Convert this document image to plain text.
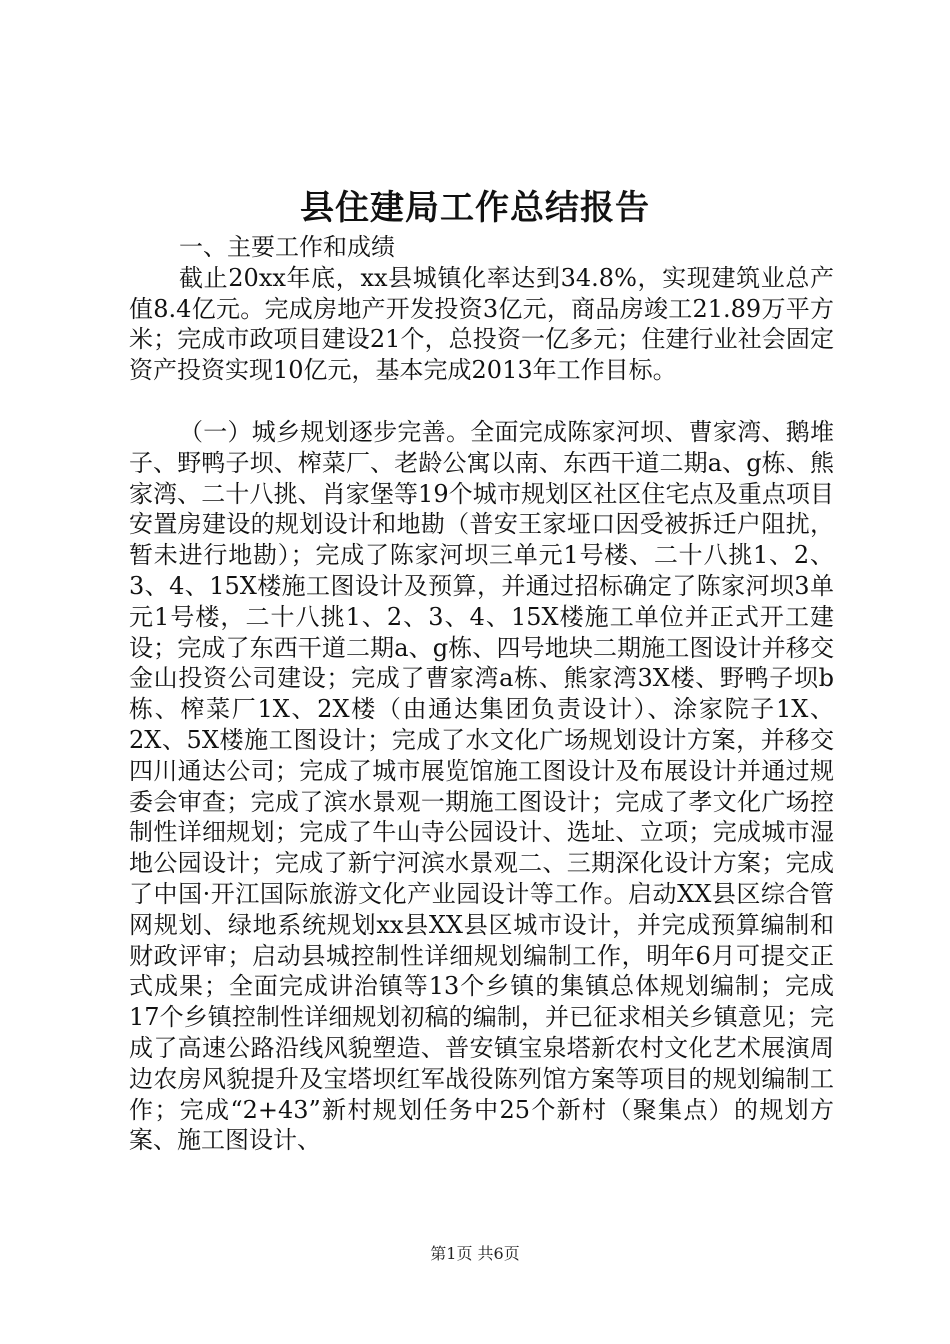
县住建局工作总结报告

一、主要工作和成绩

截止20xx年底，xx县城镇化率达到34.8%，实现建筑业总产值8.4亿元。完成房地产开发投资3亿元，商品房竣工21.89万平方米；完成市政项目建设21个，总投资一亿多元；住建行业社会固定资产投资实现10亿元，基本完成2013年工作目标。

（一）城乡规划逐步完善。全面完成陈家河坝、曹家湾、鹅堆子、野鸭子坝、榨菜厂、老龄公寓以南、东西干道二期a、g栋、熊家湾、二十八挑、肖家堡等19个城市规划区社区住宅点及重点项目安置房建设的规划设计和地勘（普安王家垭口因受被拆迁户阻扰，暂未进行地勘）；完成了陈家河坝三单元1号楼、二十八挑1、2、3、4、15X楼施工图设计及预算，并通过招标确定了陈家河坝3单元1号楼，二十八挑1、2、3、4、15X楼施工单位并正式开工建设；完成了东西干道二期a、g栋、四号地块二期施工图设计并移交金山投资公司建设；完成了曹家湾a栋、熊家湾3X楼、野鸭子坝b栋、榨菜厂1X、2X楼（由通达集团负责设计）、涂家院子1X、2X、5X楼施工图设计；完成了水文化广场规划设计方案，并移交四川通达公司；完成了城市展览馆施工图设计及布展设计并通过规委会审查；完成了滨水景观一期施工图设计；完成了孝文化广场控制性详细规划；完成了牛山寺公园设计、选址、立项；完成城市湿地公园设计；完成了新宁河滨水景观二、三期深化设计方案；完成了中国·开江国际旅游文化产业园设计等工作。启动XX县区综合管网规划、绿地系统规划xx县XX县区城市设计，并完成预算编制和财政评审；启动县城控制性详细规划编制工作，明年6月可提交正式成果；全面完成讲治镇等13个乡镇的集镇总体规划编制；完成17个乡镇控制性详细规划初稿的编制，并已征求相关乡镇意见；完成了高速公路沿线风貌塑造、普安镇宝泉塔新农村文化艺术展演周边农房风貌提升及宝塔坝红军战役陈列馆方案等项目的规划编制工作；完成“2+43”新村规划任务中25个新村（聚集点）的规划方案、施工图设计、

第1页 共6页
